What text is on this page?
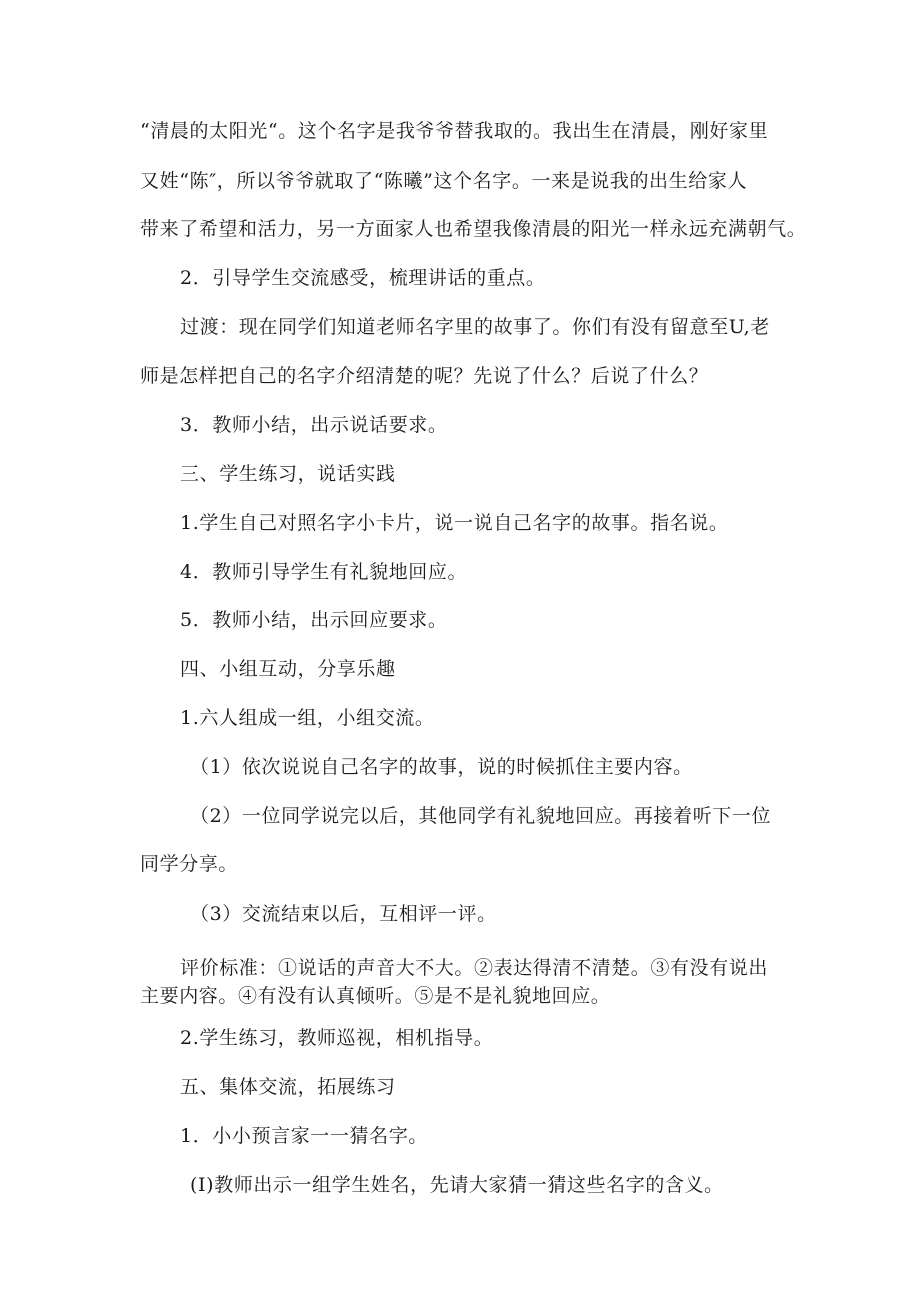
“清晨的太阳光“。这个名字是我爷爷替我取的。我出生在清晨，刚好家里
又姓“陈″，所以爷爷就取了“陈曦”这个名字。一来是说我的出生给家人
带来了希望和活力，另一方面家人也希望我像清晨的阳光一样永远充满朝气。
2．引导学生交流感受，梳理讲话的重点。
过渡：现在同学们知道老师名字里的故事了。你们有没有留意至U,老
师是怎样把自己的名字介绍清楚的呢？先说了什么？后说了什么？
3．教师小结，出示说话要求。
三、学生练习，说话实践
1.学生自己对照名字小卡片，说一说自己名字的故事。指名说。
4．教师引导学生有礼貌地回应。
5．教师小结，出示回应要求。
四、小组互动，分享乐趣
1.六人组成一组，小组交流。
（1）依次说说自己名字的故事，说的时候抓住主要内容。
（2）一位同学说完以后，其他同学有礼貌地回应。再接着听下一位
同学分享。
（3）交流结束以后，互相评一评。
评价标准：①说话的声音大不大。②表达得清不清楚。③有没有说出
主要内容。④有没有认真倾听。⑤是不是礼貌地回应。
2.学生练习，教师巡视，相机指导。
五、集体交流，拓展练习
1．小小预言家一一猜名字。
(I)教师出示一组学生姓名，先请大家猜一猜这些名字的含义。
